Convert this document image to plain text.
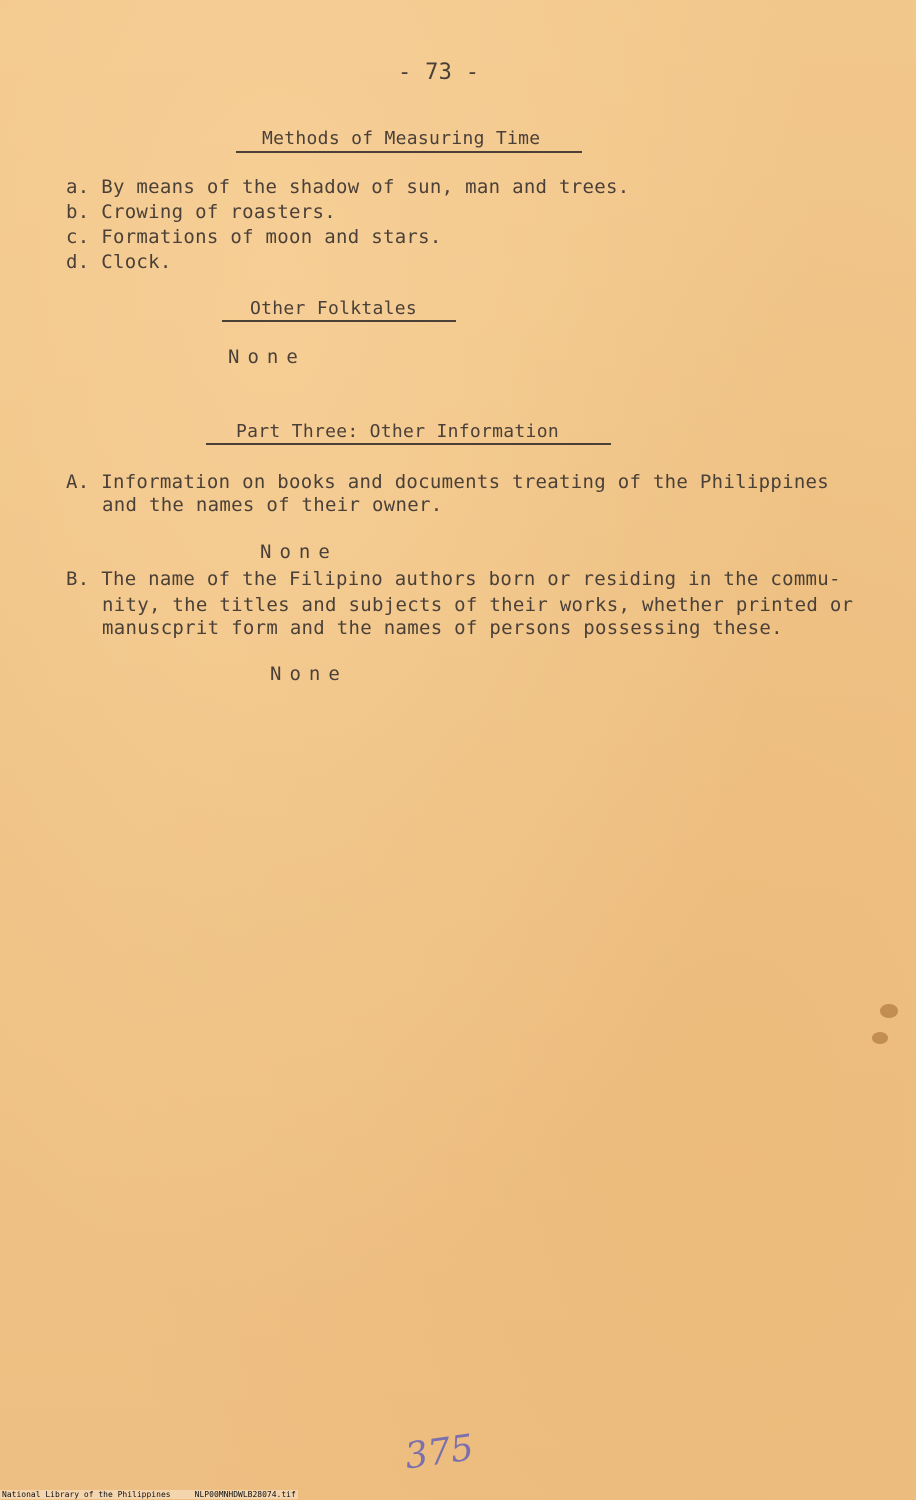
- 73 -
Methods of Measuring Time
a. By means of the shadow of sun, man and trees.
b. Crowing of roasters.
c. Formations of moon and stars.
d. Clock.
Other Folktales
None
Part Three: Other Information
A. Information on books and documents treating of the Philippines
and the names of their owner.
None
B. The name of the Filipino authors born or residing in the commu-
nity, the titles and subjects of their works, whether printed or
manuscprit form and the names of persons possessing these.
None
375
National Library of the Philippines	NLP00MNHDWLB28074.tif
